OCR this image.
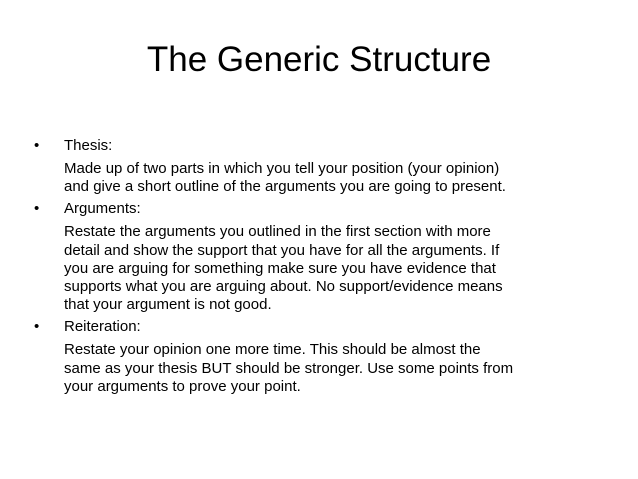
The Generic Structure
•	Thesis:
Made up of two parts in which you tell your position (your opinion)
and give a short outline of the arguments you are going to present.
•	Arguments:
Restate the arguments you outlined in the first section with more
detail and show the support that you have for all the arguments. If
you are arguing for something make sure you have evidence that
supports what you are arguing about. No support/evidence means
that your argument is not good.
•	Reiteration:
Restate your opinion one more time. This should be almost the
same as your thesis BUT should be stronger. Use some points from
your arguments to prove your point.
